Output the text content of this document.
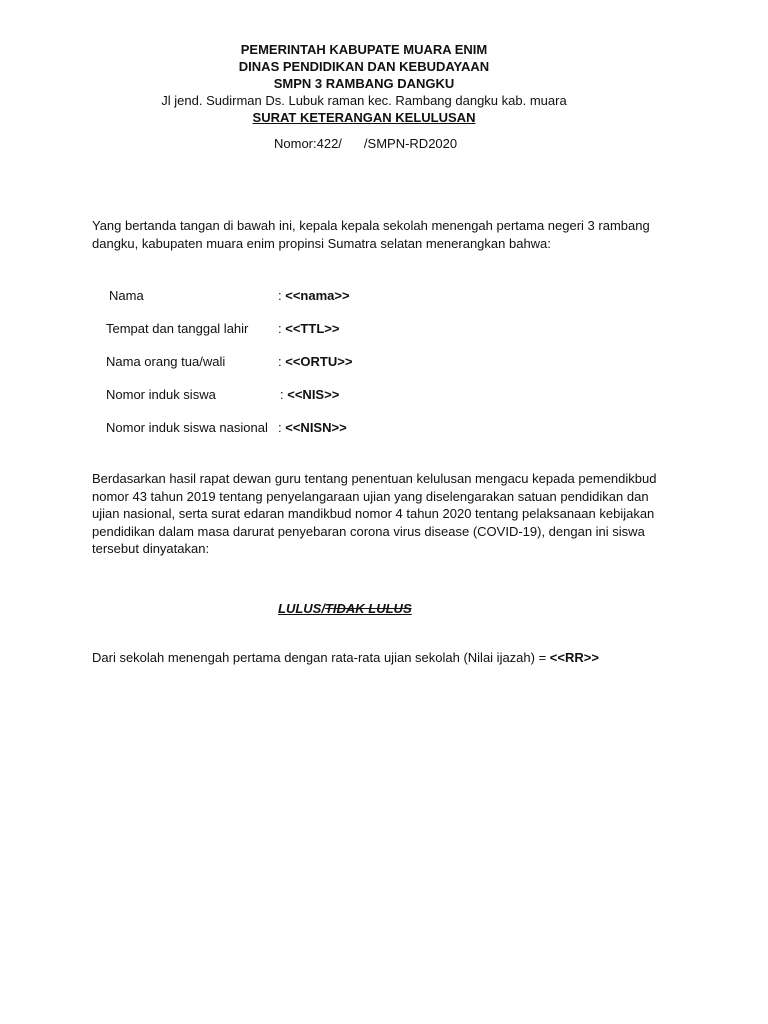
PEMERINTAH KABUPATE MUARA ENIM
DINAS PENDIDIKAN DAN KEBUDAYAAN
SMPN 3 RAMBANG DANGKU
Jl jend. Sudirman Ds. Lubuk raman kec. Rambang dangku kab. muara
SURAT KETERANGAN KELULUSAN
Nomor:422/ /SMPN-RD2020
Yang bertanda tangan di bawah ini, kepala kepala sekolah menengah pertama negeri 3 rambang dangku, kabupaten muara enim propinsi Sumatra selatan menerangkan bahwa:
Nama	: <<nama>>
Tempat dan tanggal lahir : <<TTL>>
Nama orang tua/wali	: <<ORTU>>
Nomor induk siswa	: <<NIS>>
Nomor induk siswa nasional : <<NISN>>
Berdasarkan hasil rapat dewan guru tentang penentuan kelulusan mengacu kepada pemendikbud nomor 43 tahun 2019 tentang penyelangaraan ujian yang diselengarakan satuan pendidikan dan ujian nasional, serta surat edaran mandikbud nomor 4 tahun 2020 tentang pelaksanaan kebijakan pendidikan dalam masa darurat penyebaran corona virus disease (COVID-19), dengan ini siswa tersebut dinyatakan:
LULUS/TIDAK LULUS
Dari sekolah menengah pertama dengan rata-rata ujian sekolah (Nilai ijazah) = <<RR>>
